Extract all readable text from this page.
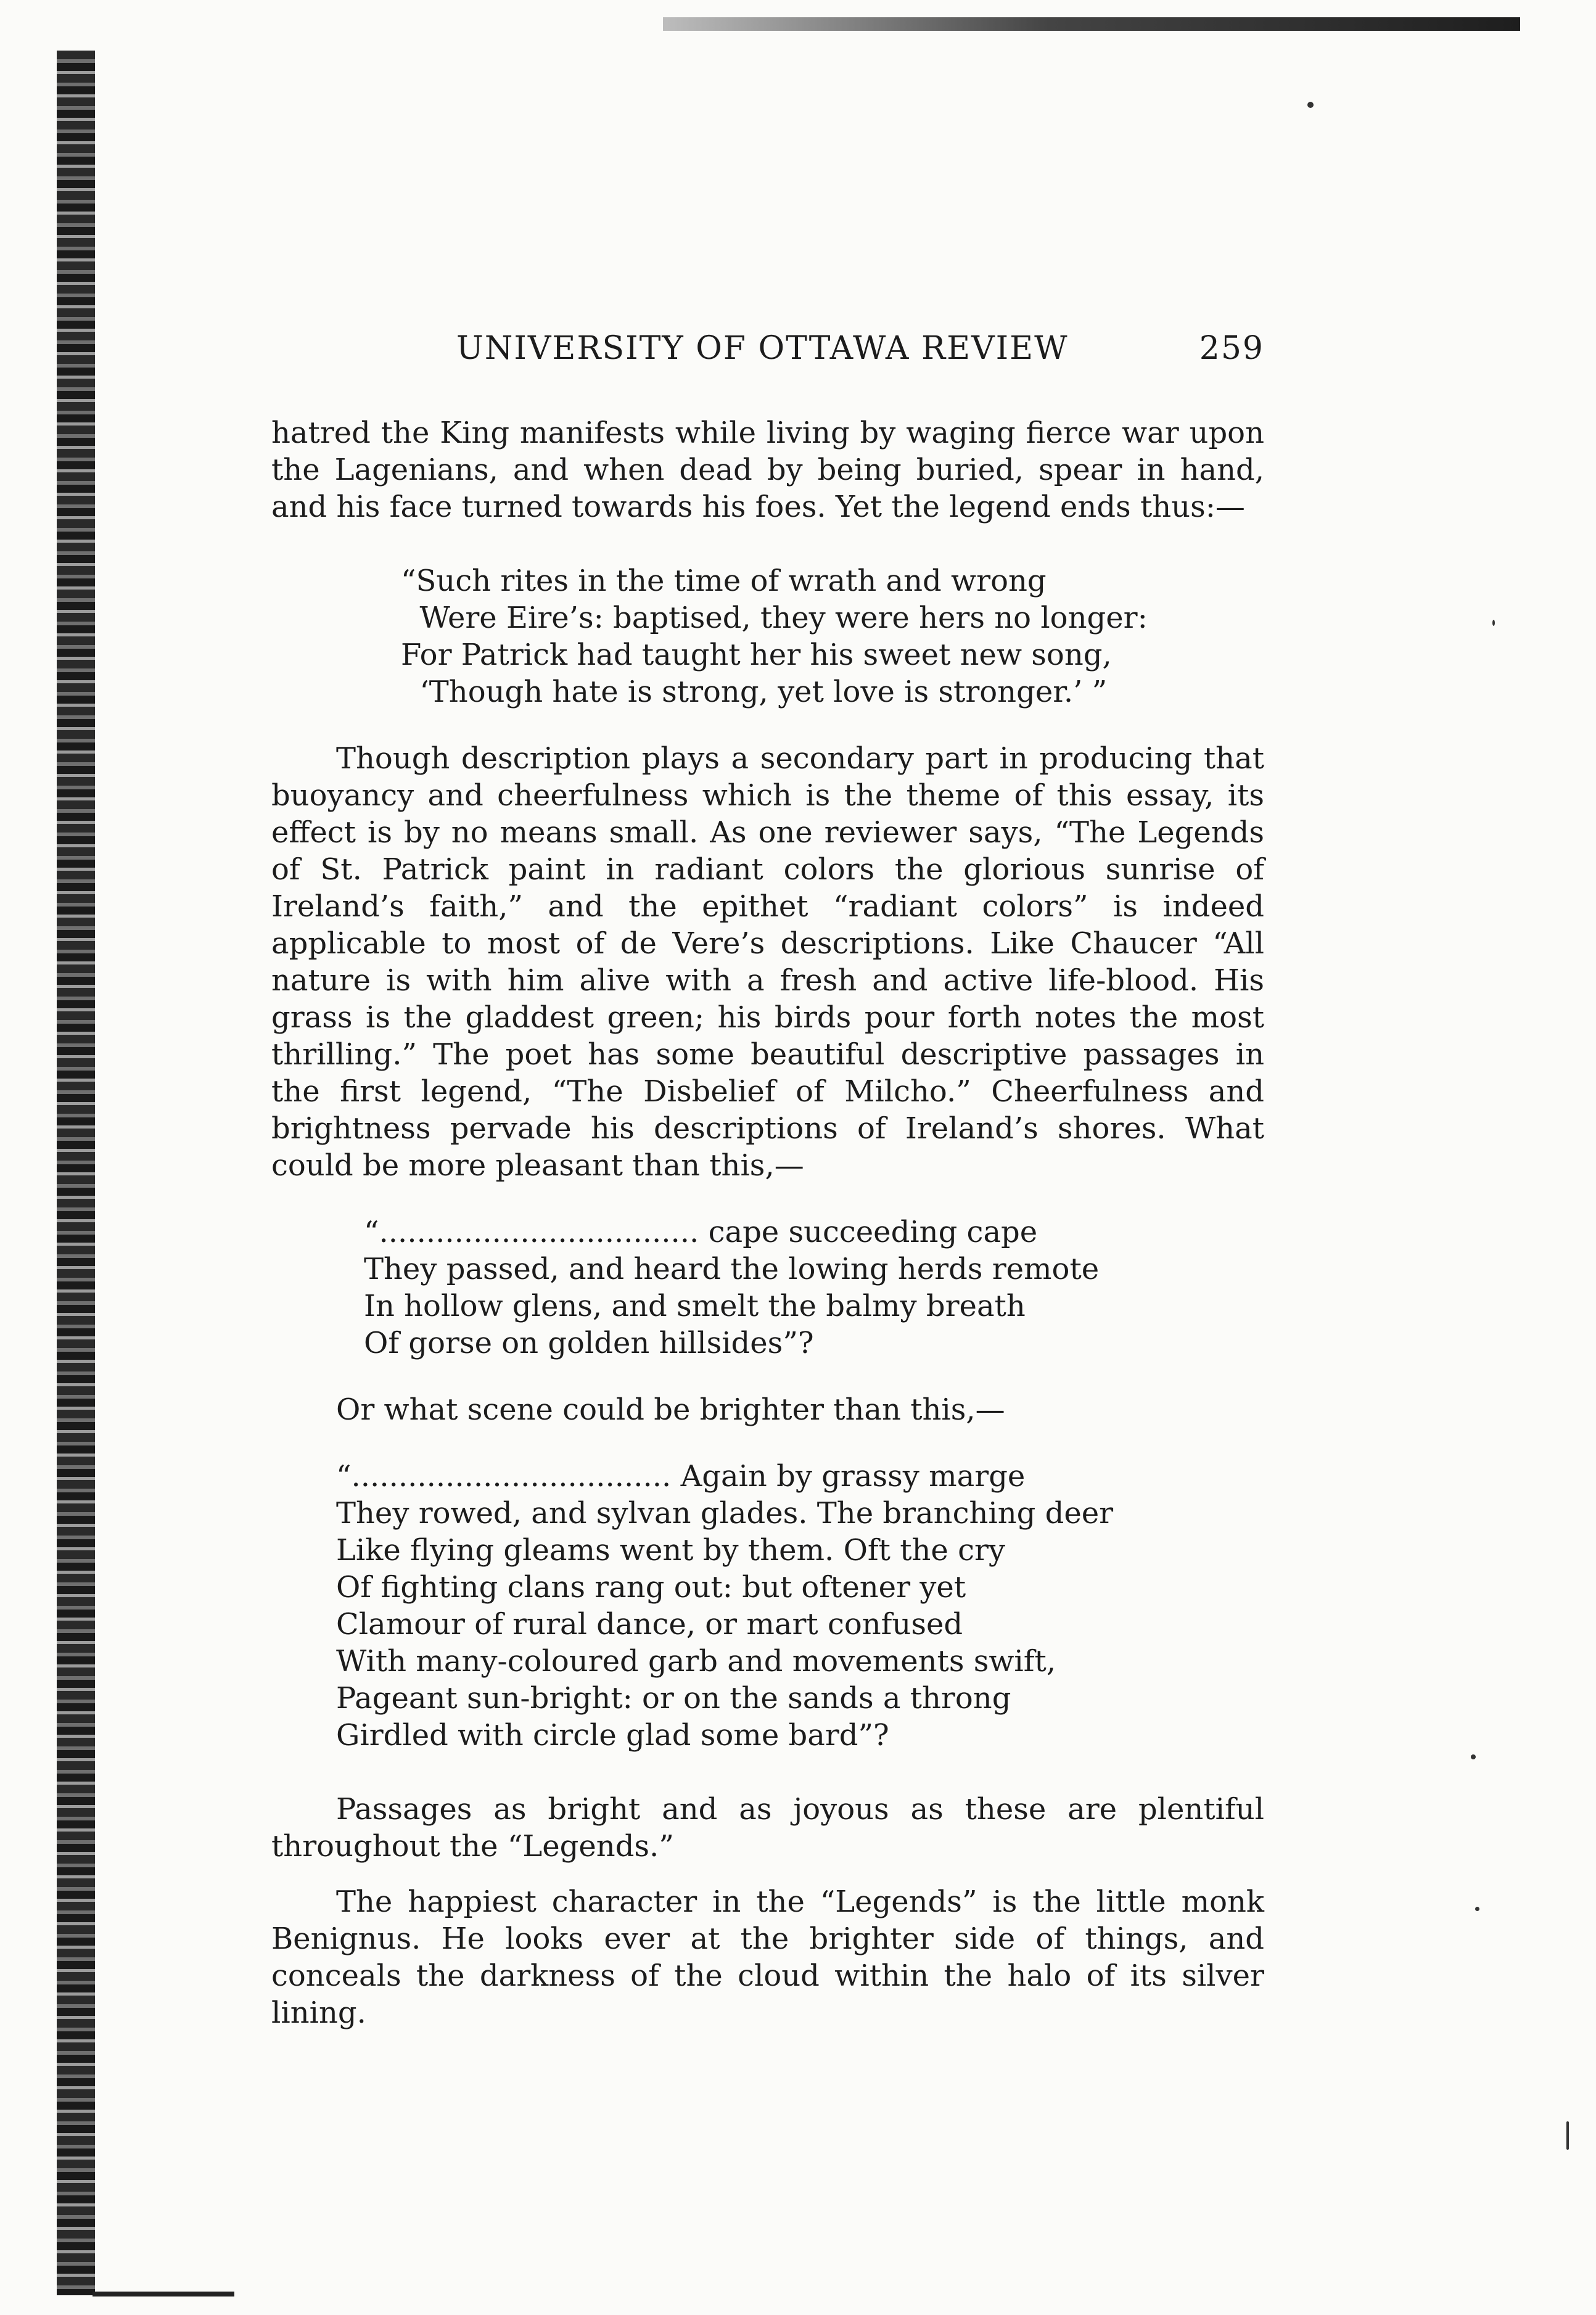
UNIVERSITY OF OTTAWA REVIEW	259

hatred the King manifests while living by waging fierce war upon the Lagenians, and when dead by being buried, spear in hand, and his face turned towards his foes. Yet the legend ends thus:—

“Such rites in the time of wrath and wrong
Were Eire’s: baptised, they were hers no longer:
For Patrick had taught her his sweet new song,
‘Though hate is strong, yet love is stronger.’ ”

Though description plays a secondary part in producing that buoyancy and cheerfulness which is the theme of this essay, its effect is by no means small. As one reviewer says, “The Legends of St. Patrick paint in radiant colors the glorious sunrise of Ireland’s faith,” and the epithet “radiant colors” is indeed applicable to most of de Vere’s descriptions. Like Chaucer “All nature is with him alive with a fresh and active life-blood. His grass is the gladdest green; his birds pour forth notes the most thrilling.” The poet has some beautiful descriptive passages in the first legend, “The Disbelief of Milcho.” Cheerfulness and brightness pervade his descriptions of Ireland’s shores. What could be more pleasant than this,—

“.................................. cape succeeding cape
They passed, and heard the lowing herds remote
In hollow glens, and smelt the balmy breath
Of gorse on golden hillsides”?

Or what scene could be brighter than this,—

“.................................. Again by grassy marge
They rowed, and sylvan glades. The branching deer
Like flying gleams went by them. Oft the cry
Of fighting clans rang out: but oftener yet
Clamour of rural dance, or mart confused
With many-coloured garb and movements swift,
Pageant sun-bright: or on the sands a throng
Girdled with circle glad some bard”?

Passages as bright and as joyous as these are plentiful throughout the “Legends.”

The happiest character in the “Legends” is the little monk Benignus. He looks ever at the brighter side of things, and conceals the darkness of the cloud within the halo of its silver lining.
